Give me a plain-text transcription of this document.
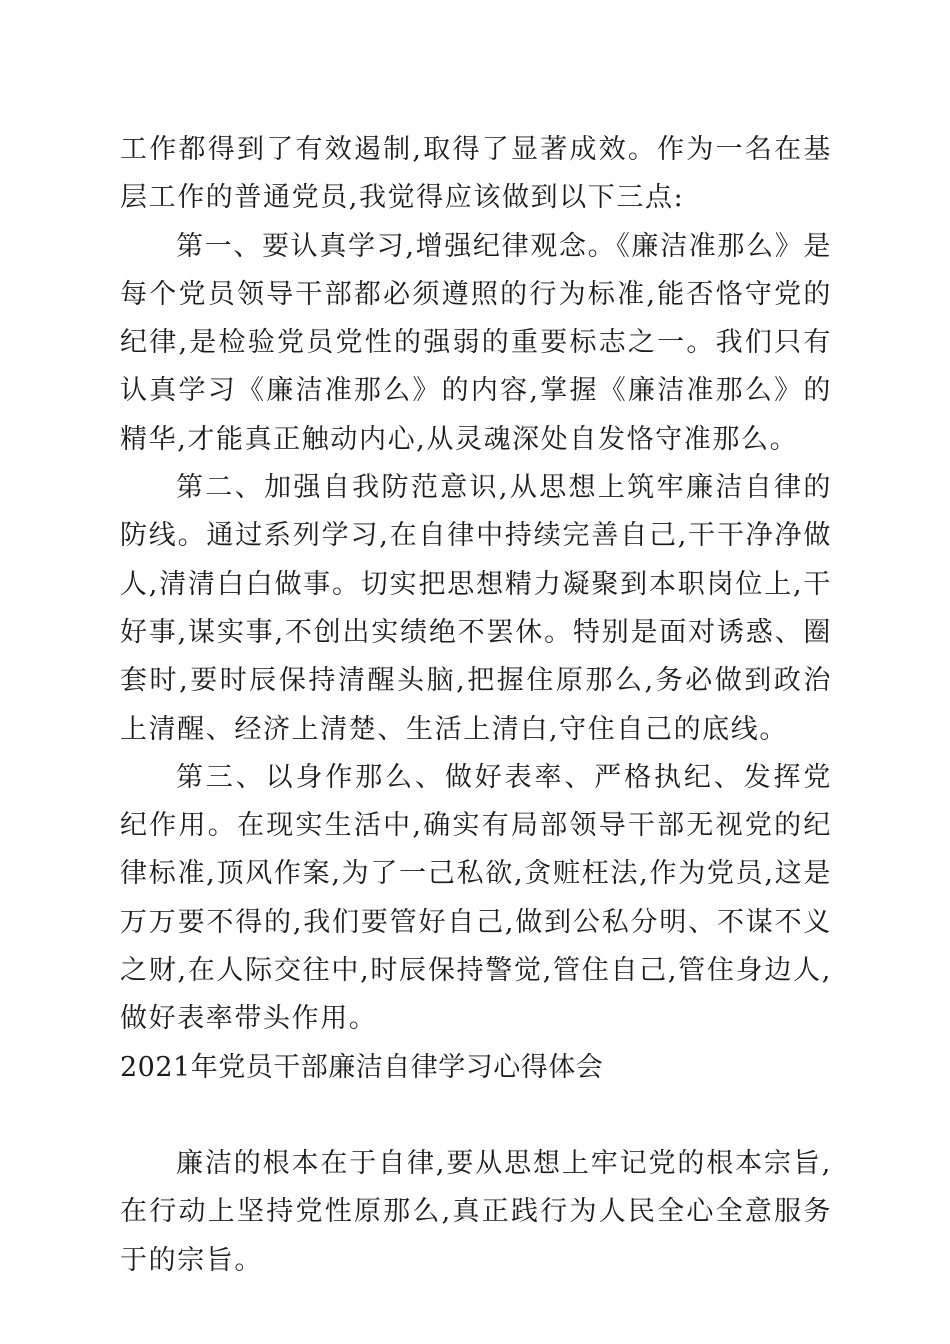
工作都得到了有效遏制,取得了显著成效。作为一名在基层工作的普通党员,我觉得应该做到以下三点:

第一、要认真学习,增强纪律观念。《廉洁准那么》是每个党员领导干部都必须遵照的行为标准,能否恪守党的纪律,是检验党员党性的强弱的重要标志之一。我们只有认真学习《廉洁准那么》的内容,掌握《廉洁准那么》的精华,才能真正触动内心,从灵魂深处自发恪守准那么。

第二、加强自我防范意识,从思想上筑牢廉洁自律的防线。通过系列学习,在自律中持续完善自己,干干净净做人,清清白白做事。切实把思想精力凝聚到本职岗位上,干好事,谋实事,不创出实绩绝不罢休。特别是面对诱惑、圈套时,要时辰保持清醒头脑,把握住原那么,务必做到政治上清醒、经济上清楚、生活上清白,守住自己的底线。

第三、以身作那么、做好表率、严格执纪、发挥党纪作用。在现实生活中,确实有局部领导干部无视党的纪律标准,顶风作案,为了一己私欲,贪赃枉法,作为党员,这是万万要不得的,我们要管好自己,做到公私分明、不谋不义之财,在人际交往中,时辰保持警觉,管住自己,管住身边人,做好表率带头作用。

2021年党员干部廉洁自律学习心得体会

廉洁的根本在于自律,要从思想上牢记党的根本宗旨,在行动上坚持党性原那么,真正践行为人民全心全意服务于的宗旨。
